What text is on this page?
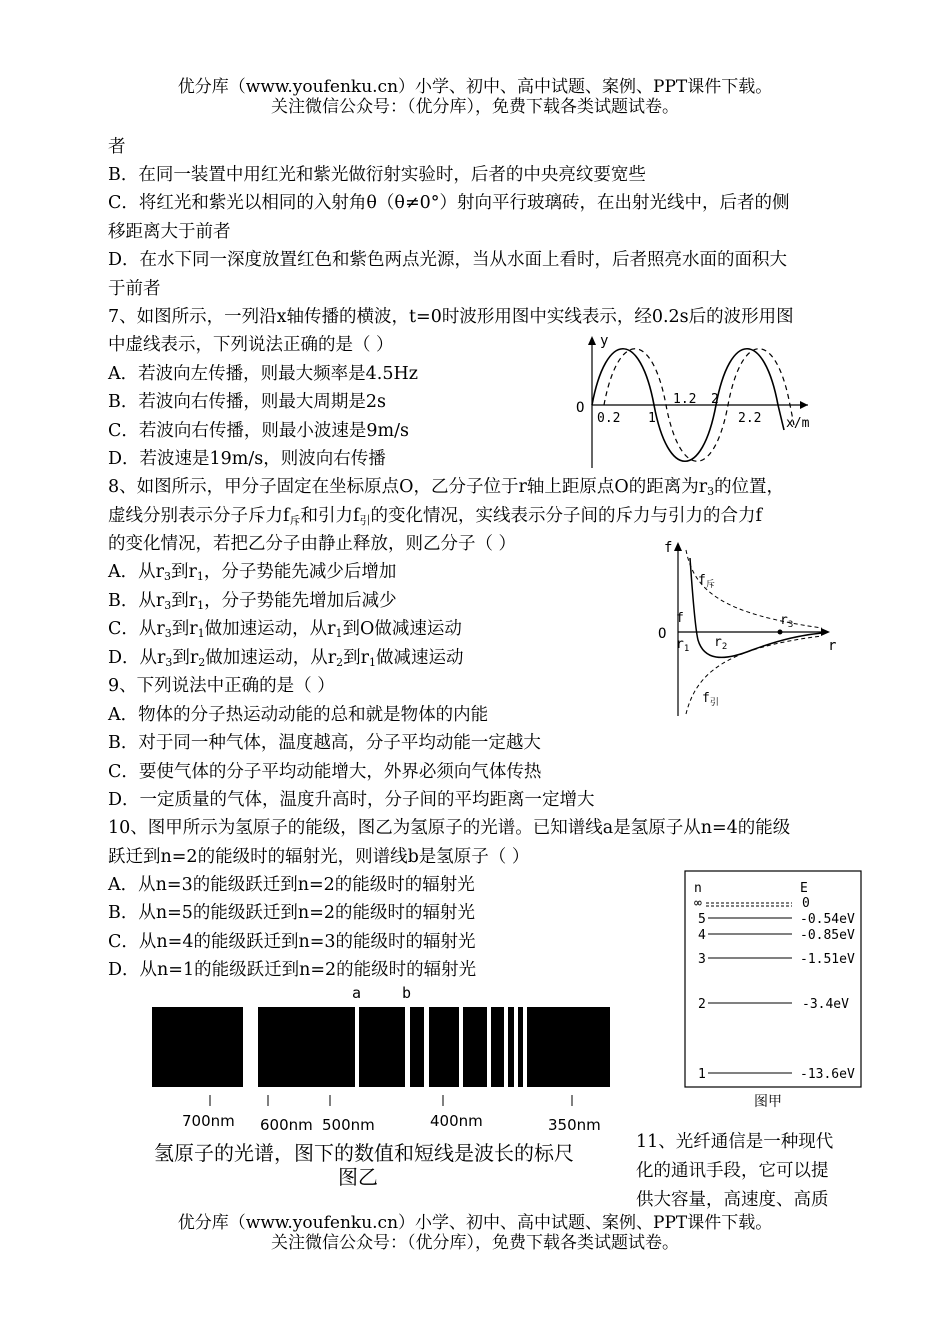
优分库（www.youfenku.cn）小学、初中、高中试题、案例、PPT课件下载。
关注微信公众号：（优分库），免费下载各类试题试卷。
者
B．在同一装置中用红光和紫光做衍射实验时，后者的中央亮纹要宽些
C．将红光和紫光以相同的入射角θ（θ≠0°）射向平行玻璃砖，在出射光线中，后者的侧
移距离大于前者
D．在水下同一深度放置红色和紫色两点光源，当从水面上看时，后者照亮水面的面积大
于前者
7、如图所示，一列沿x轴传播的横波，t=0时波形用图中实线表示，经0.2s后的波形用图
中虚线表示，下列说法正确的是（ ）
A．若波向左传播，则最大频率是4.5Hz
B．若波向右传播，则最大周期是2s
C．若波向右传播，则最小波速是9m/s
D．若波速是19m/s，则波向右传播
y
O
0.2 1
1.2 2
2.2 x/m
8、如图所示，甲分子固定在坐标原点O，乙分子位于r轴上距原点O的距离为$r_3$的位置，
虚线分别表示分子斥力$f_斥$和引力$f_引$的变化情况，实线表示分子间的斥力与引力的合力f
的变化情况，若把乙分子由静止释放，则乙分子（ ）
A．从$r_3$到$r_1$，分子势能先减少后增加
B．从$r_3$到$r_1$，分子势能先增加后减少
C．从$r_3$到$r_1$做加速运动，从$r_1$到O做减速运动
D．从$r_3$到$r_2$做加速运动，从$r_2$到$r_1$做减速运动
f
O
r
$f_斥$
$f_引$
f
$r_1$ $r_2$
$r_3$
9、下列说法中正确的是（ ）
A．物体的分子热运动动能的总和就是物体的内能
B．对于同一种气体，温度越高，分子平均动能一定越大
C．要使气体的分子平均动能增大，外界必须向气体传热
D．一定质量的气体，温度升高时，分子间的平均距离一定增大
10、图甲所示为氢原子的能级，图乙为氢原子的光谱。已知谱线a是氢原子从n=4的能级
跃迁到n=2的能级时的辐射光，则谱线b是氢原子（ ）
A．从n=3的能级跃迁到n=2的能级时的辐射光
B．从n=5的能级跃迁到n=2的能级时的辐射光
C．从n=4的能级跃迁到n=3的能级时的辐射光
D．从n=1的能级跃迁到n=2的能级时的辐射光
n	E
∞	0
5	-0.54eV
4	-0.85eV
3	-1.51eV
2	-3.4eV
1	-13.6eV
图甲
a	b
700nm 600nm 500nm	400nm	350nm
氢原子的光谱，图下的数值和短线是波长的标尺
图乙
11、光纤通信是一种现代
化的通讯手段，它可以提
供大容量，高速度、高质
优分库（www.youfenku.cn）小学、初中、高中试题、案例、PPT课件下载。
关注微信公众号：（优分库），免费下载各类试题试卷。
